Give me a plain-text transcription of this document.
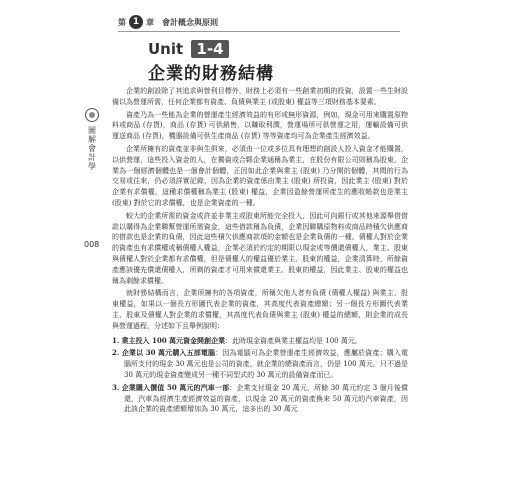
第 1 章 會計概念與原則
Unit 1-4
企業的財務結構
圖解會計學
008

企業的創設除了其追求與營利目標外，財務上必須有一些創業初期的投資，設置一些生財設備以為營運所需，任何企業都有資產、負債與業主 (或股東) 權益等三項財務基本要素。

資產乃為一些能為企業的營運產生經濟效益的有形或無形資源，例如，現金可用來購置原物料或商品 (存貨)，商品 (存貨) 可供銷售，以賺取利潤，營運場所可供營運之用，運輸設備可供運送商品 (存貨)，機器設備可供生產商品 (存貨) 等等資產均可為企業產生經濟效益。

企業所擁有的資產並非與生俱來，必須由一位或多位具有理想的創設人投入資金才能購置，以供營運，這些投入資金的人，在獨資或合夥企業通稱為業主，在股份有限公司則稱為股東。企業為一個經濟個體也是一個會計個體，正因如此企業與業主 (股東) 乃分開的個體，其間的行為交易或往來，仍必須詳實記錄，因為企業的資產係由業主 (股東) 所投資，因此業主 (股東) 對於企業有求償權，這種求償權稱為業主 (股東) 權益，企業因盈餘營運所產生的應收帳款也是業主 (股東) 對於它的求償權，也是企業資產的一種。

較大的企業所需的資金或許並非業主或股東所能完全投入，因此可向銀行或其他來源舉借借款以購得為企業聯幫營運所需資金，這些借款稱為負債，企業因聯購原物料或商品時積欠供應商的借款也是企業的負債，因此這些積欠供應商款項的金額也是企業負債的一種。債權人對於企業的資產也有求償權或稱債權人權益，企業必須於約定的期限以現金或等價還債權人，業主、股東與債權人對於企業都有求償權，但是債權人的權益優於業主、股東的權益，企業清算時，所餘資產應該優先償還債權人，所剩的資產才可用來償還業主、股東的權益，因此業主、股東的權益也稱為剩餘求償權。

就財務結構而言，企業所擁有的各項資產，所稱欠他人者有負債 (債權人權益) 與業主、股東權益，如果以一個長方形圖代表企業的資產，其高度代表資產總額；另一個長方形圖代表業主、股東及債權人對企業的求償權，其高度代表負債與業主 (股東) 權益的總額，則企業的成長與營運過程，分述如下且舉例說明：

1. 業主投入 100 萬元資金開創企業：此時現金資產與業主權益均是 100 萬元。
2. 企業以 30 萬元購入五部電腦：因為電腦可為企業營運產生經濟效益，應屬於資產；購入電腦所支付的現金 30 萬元也是公司的資產，就企業的總資產而言，仍是 100 萬元，只不過是 30 萬元的現金資產變成另一種不同型式的 30 萬元的設備資產而已。
3. 企業購入價值 50 萬元的汽車一部：企業支付現金 20 萬元，所餘 30 萬元約定 3 個月後償還，汽車為經濟生產經濟效益的資產，以現金 20 萬元的資產換來 50 萬元的汽車資產，因此該企業的資產總額增加為 30 萬元，這多出的 30 萬元
